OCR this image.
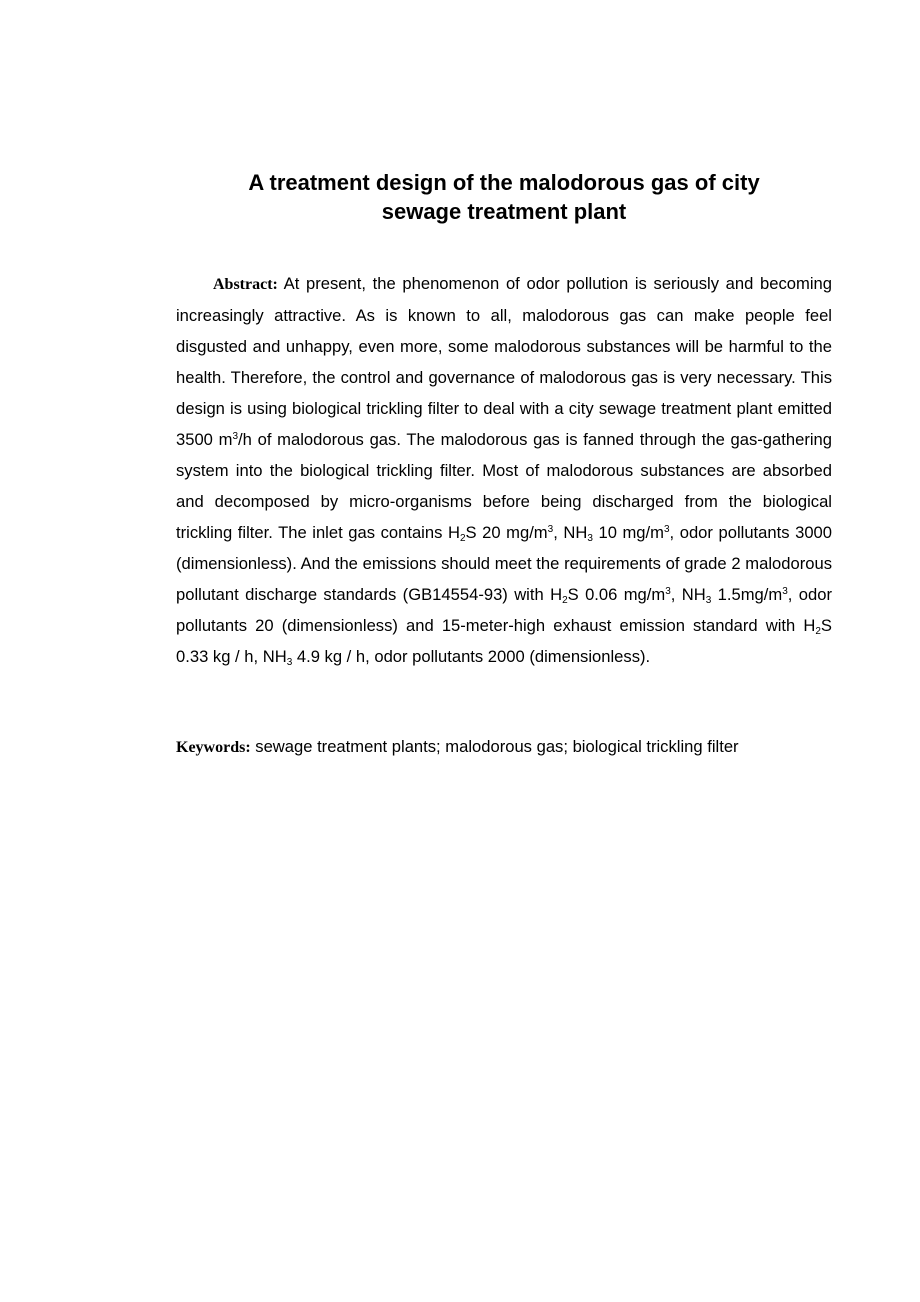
A treatment design of the malodorous gas of city
sewage treatment plant

Abstract: At present, the phenomenon of odor pollution is seriously and becoming increasingly attractive. As is known to all, malodorous gas can make people feel disgusted and unhappy, even more, some malodorous substances will be harmful to the health. Therefore, the control and governance of malodorous gas is very necessary. This design is using biological trickling filter to deal with a city sewage treatment plant emitted 3500 $m^3/h$ of malodorous gas. The malodorous gas is fanned through the gas-gathering system into the biological trickling filter. Most of malodorous substances are absorbed and decomposed by micro-organisms before being discharged from the biological trickling filter. The inlet gas contains $H_2S$ 20 $mg/m^3$, $NH_3$ 10 $mg/m^3$, odor pollutants 3000 (dimensionless). And the emissions should meet the requirements of grade 2 malodorous pollutant discharge standards (GB14554-93) with $H_2S$ 0.06 $mg/m^3$, $NH_3$ $1.5mg/m^3$, odor pollutants 20 (dimensionless) and 15-meter-high exhaust emission standard with $H_2S$ 0.33 kg / h, $NH_3$ 4.9 kg / h, odor pollutants 2000 (dimensionless).

Keywords: sewage treatment plants; malodorous gas; biological trickling filter
